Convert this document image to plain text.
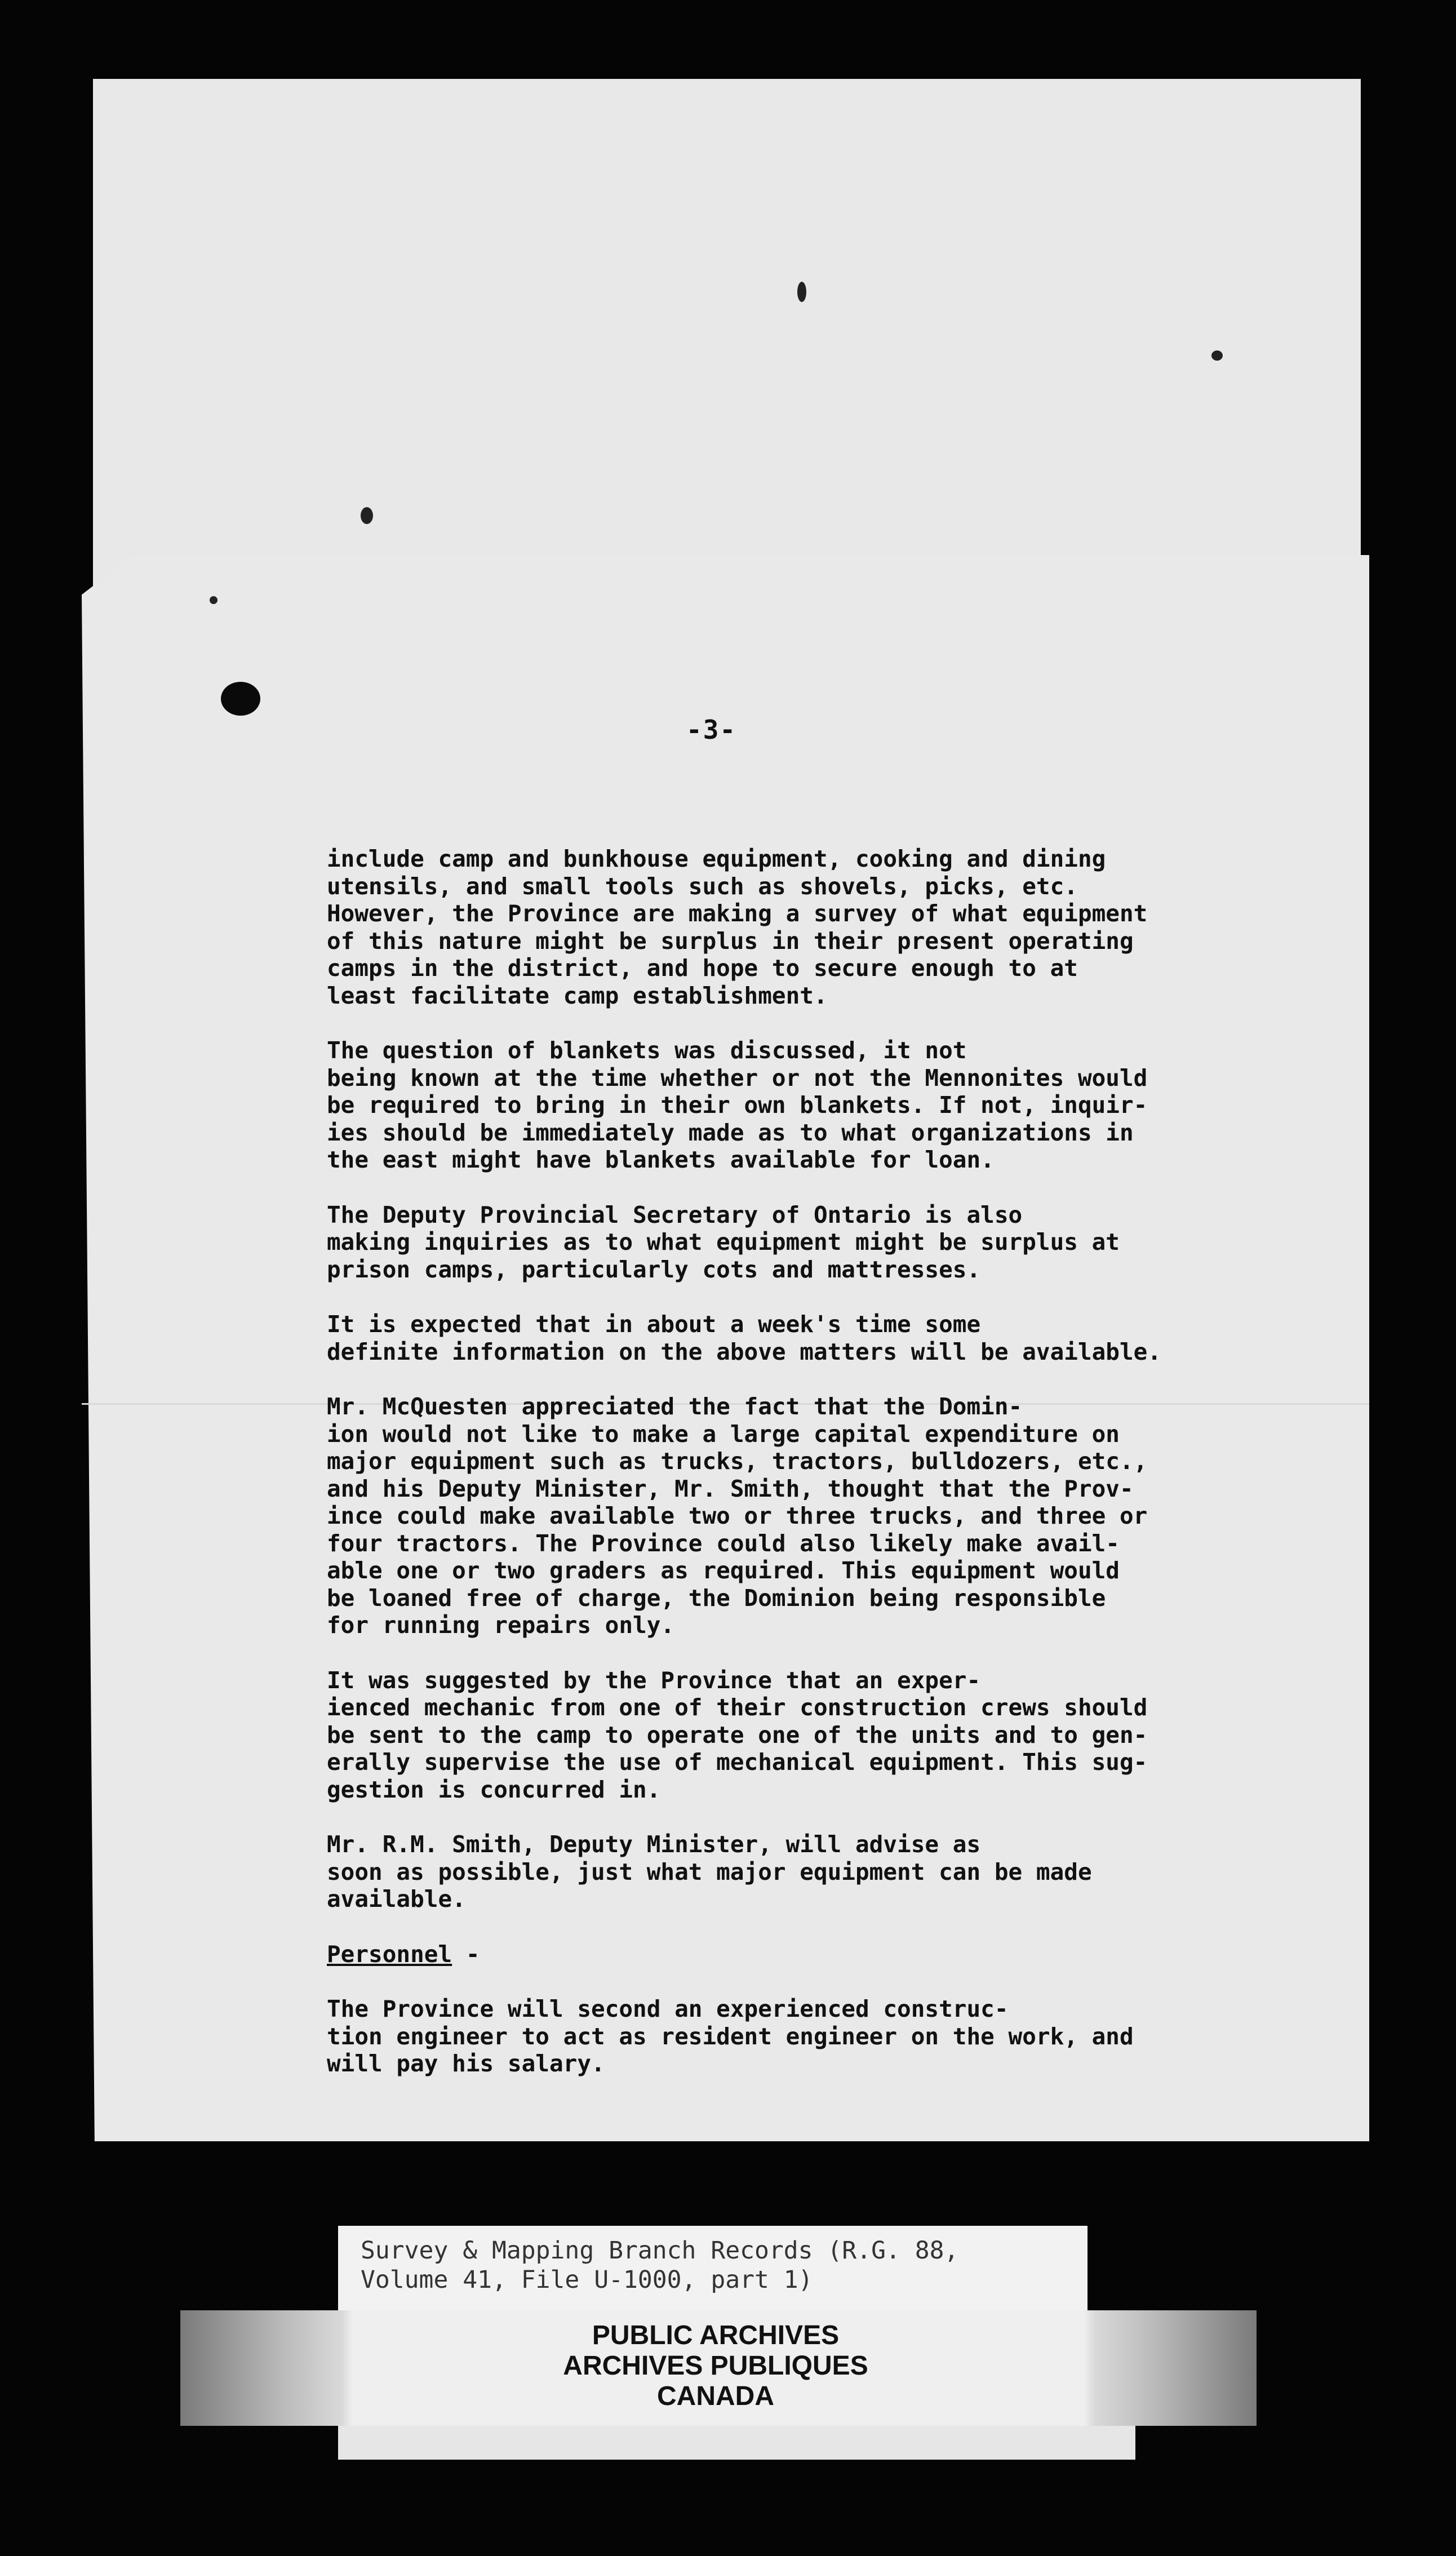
-3-

include camp and bunkhouse equipment, cooking and dining
utensils, and small tools such as shovels, picks, etc.
However, the Province are making a survey of what equipment
of this nature might be surplus in their present operating
camps in the district, and hope to secure enough to at
least facilitate camp establishment.

The question of blankets was discussed, it not
being known at the time whether or not the Mennonites would
be required to bring in their own blankets. If not, inquir-
ies should be immediately made as to what organizations in
the east might have blankets available for loan.

The Deputy Provincial Secretary of Ontario is also
making inquiries as to what equipment might be surplus at
prison camps, particularly cots and mattresses.

It is expected that in about a week's time some
definite information on the above matters will be available.

Mr. McQuesten appreciated the fact that the Domin-
ion would not like to make a large capital expenditure on
major equipment such as trucks, tractors, bulldozers, etc.,
and his Deputy Minister, Mr. Smith, thought that the Prov-
ince could make available two or three trucks, and three or
four tractors. The Province could also likely make avail-
able one or two graders as required. This equipment would
be loaned free of charge, the Dominion being responsible
for running repairs only.

It was suggested by the Province that an exper-
ienced mechanic from one of their construction crews should
be sent to the camp to operate one of the units and to gen-
erally supervise the use of mechanical equipment. This sug-
gestion is concurred in.

Mr. R.M. Smith, Deputy Minister, will advise as
soon as possible, just what major equipment can be made
available.

Personnel -

The Province will second an experienced construc-
tion engineer to act as resident engineer on the work, and
will pay his salary.

Survey & Mapping Branch Records (R.G. 88,
Volume 41, File U-1000, part 1)
PUBLIC ARCHIVES
ARCHIVES PUBLIQUES
CANADA
